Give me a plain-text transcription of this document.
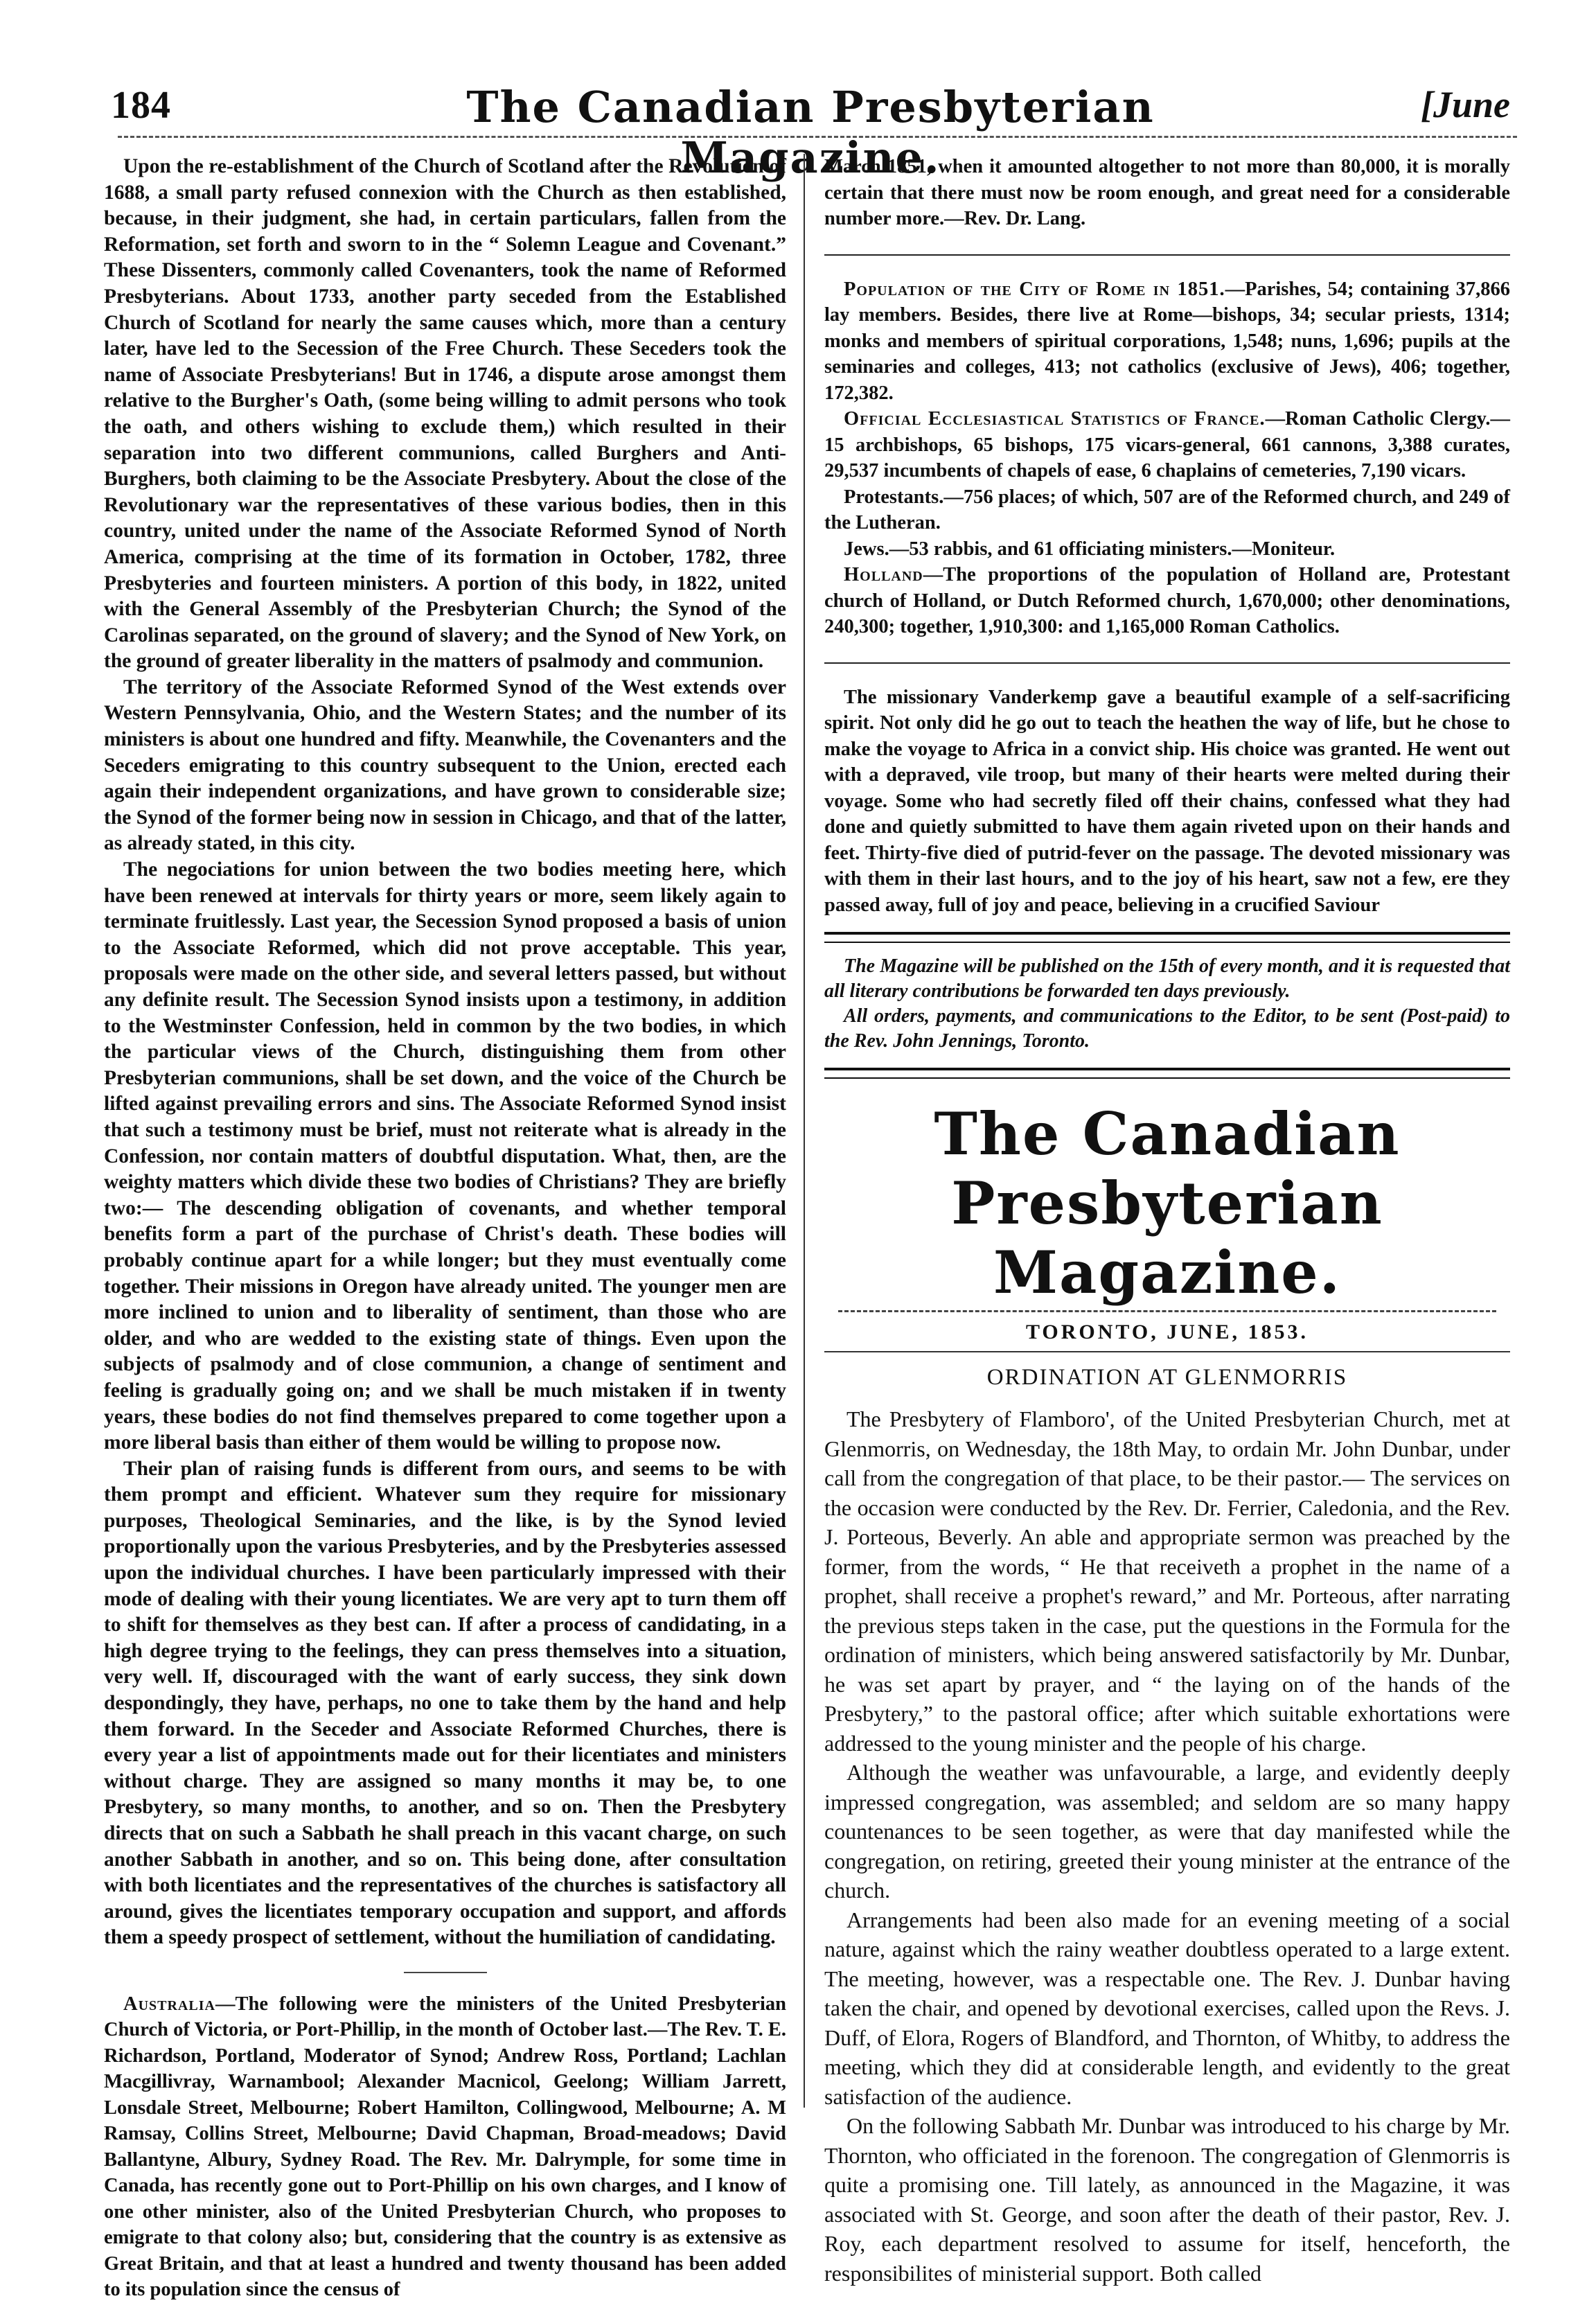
184	The Canadian Presbyterian Magazine.
[June

Upon the re-establishment of the Church of Scotland after the Revolution of 1688, a small party refused connexion with the Church as then established, because, in their judgment, she had, in certain particulars, fallen from the Reformation, set forth and sworn to in the “ Solemn League and Covenant.” These Dissenters, commonly called Covenanters, took the name of Reformed Presbyterians. About 1733, another party seceded from the Established Church of Scotland for nearly the same causes which, more than a century later, have led to the Secession of the Free Church. These Seceders took the name of Associate Presbyterians! But in 1746, a dispute arose amongst them relative to the Burgher's Oath, (some being willing to admit persons who took the oath, and others wishing to exclude them,) which resulted in their separation into two different communions, called Burghers and Anti-Burghers, both claiming to be the Associate Presbytery. About the close of the Revolutionary war the representatives of these various bodies, then in this country, united under the name of the Associate Reformed Synod of North America, comprising at the time of its formation in October, 1782, three Presbyteries and fourteen ministers. A portion of this body, in 1822, united with the General Assembly of the Presbyterian Church; the Synod of the Carolinas separated, on the ground of slavery; and the Synod of New York, on the ground of greater liberality in the matters of psalmody and communion.

The territory of the Associate Reformed Synod of the West extends over Western Pennsylvania, Ohio, and the Western States; and the number of its ministers is about one hundred and fifty. Meanwhile, the Covenanters and the Seceders emigrating to this country subsequent to the Union, erected each again their independent organizations, and have grown to considerable size; the Synod of the former being now in session in Chicago, and that of the latter, as already stated, in this city.

The negociations for union between the two bodies meeting here, which have been renewed at intervals for thirty years or more, seem likely again to terminate fruitlessly. Last year, the Secession Synod proposed a basis of union to the Associate Reformed, which did not prove acceptable. This year, proposals were made on the other side, and several letters passed, but without any definite result. The Secession Synod insists upon a testimony, in addition to the Westminster Confession, held in common by the two bodies, in which the particular views of the Church, distinguishing them from other Presbyterian communions, shall be set down, and the voice of the Church be lifted against prevailing errors and sins. The Associate Reformed Synod insist that such a testimony must be brief, must not reiterate what is already in the Confession, nor contain matters of doubtful disputation. What, then, are the weighty matters which divide these two bodies of Christians? They are briefly two:— The descending obligation of covenants, and whether temporal benefits form a part of the purchase of Christ's death. These bodies will probably continue apart for a while longer; but they must eventually come together. Their missions in Oregon have already united. The younger men are more inclined to union and to liberality of sentiment, than those who are older, and who are wedded to the existing state of things. Even upon the subjects of psalmody and of close communion, a change of sentiment and feeling is gradually going on; and we shall be much mistaken if in twenty years, these bodies do not find themselves prepared to come together upon a more liberal basis than either of them would be willing to propose now.

Their plan of raising funds is different from ours, and seems to be with them prompt and efficient. Whatever sum they require for missionary purposes, Theological Seminaries, and the like, is by the Synod levied proportionally upon the various Presbyteries, and by the Presbyteries assessed upon the individual churches. I have been particularly impressed with their mode of dealing with their young licentiates. We are very apt to turn them off to shift for themselves as they best can. If after a process of candidating, in a high degree trying to the feelings, they can press themselves into a situation, very well. If, discouraged with the want of early success, they sink down despondingly, they have, perhaps, no one to take them by the hand and help them forward. In the Seceder and Associate Reformed Churches, there is every year a list of appointments made out for their licentiates and ministers without charge. They are assigned so many months it may be, to one Presbytery, so many months, to another, and so on. Then the Presbytery directs that on such a Sabbath he shall preach in this vacant charge, on such another Sabbath in another, and so on. This being done, after consultation with both licentiates and the representatives of the churches is satisfactory all around, gives the licentiates temporary occupation and support, and affords them a speedy prospect of settlement, without the humiliation of candidating.

Australia—The following were the ministers of the United Presbyterian Church of Victoria, or Port-Phillip, in the month of October last.—The Rev. T. E. Richardson, Portland, Moderator of Synod; Andrew Ross, Portland; Lachlan Macgillivray, Warnambool; Alexander Macnicol, Geelong; William Jarrett, Lonsdale Street, Melbourne; Robert Hamilton, Collingwood, Melbourne; A. M Ramsay, Collins Street, Melbourne; David Chapman, Broad-meadows; David Ballantyne, Albury, Sydney Road. The Rev. Mr. Dalrymple, for some time in Canada, has recently gone out to Port-Phillip on his own charges, and I know of one other minister, also of the United Presbyterian Church, who proposes to emigrate to that colony also; but, considering that the country is as extensive as Great Britain, and that at least a hundred and twenty thousand has been added to its population since the census of

March 1851, when it amounted altogether to not more than 80,000, it is morally certain that there must now be room enough, and great need for a considerable number more.—Rev. Dr. Lang.

Population of the City of Rome in 1851.—Parishes, 54; containing 37,866 lay members. Besides, there live at Rome—bishops, 34; secular priests, 1314; monks and members of spiritual corporations, 1,548; nuns, 1,696; pupils at the seminaries and colleges, 413; not catholics (exclusive of Jews), 406; together, 172,382.

Official Ecclesiastical Statistics of France.—Roman Catholic Clergy.—15 archbishops, 65 bishops, 175 vicars-general, 661 cannons, 3,388 curates, 29,537 incumbents of chapels of ease, 6 chaplains of cemeteries, 7,190 vicars.

Protestants.—756 places; of which, 507 are of the Reformed church, and 249 of the Lutheran.

Jews.—53 rabbis, and 61 officiating ministers.—Moniteur.

Holland—The proportions of the population of Holland are, Protestant church of Holland, or Dutch Reformed church, 1,670,000; other denominations, 240,300; together, 1,910,300: and 1,165,000 Roman Catholics.

The missionary Vanderkemp gave a beautiful example of a self-sacrificing spirit. Not only did he go out to teach the heathen the way of life, but he chose to make the voyage to Africa in a convict ship. His choice was granted. He went out with a depraved, vile troop, but many of their hearts were melted during their voyage. Some who had secretly filed off their chains, confessed what they had done and quietly submitted to have them again riveted upon on their hands and feet. Thirty-five died of putrid-fever on the passage. The devoted missionary was with them in their last hours, and to the joy of his heart, saw not a few, ere they passed away, full of joy and peace, believing in a crucified Saviour

The Magazine will be published on the 15th of every month, and it is requested that all literary contributions be forwarded ten days previously.

All orders, payments, and communications to the Editor, to be sent (Post-paid) to the Rev. John Jennings, Toronto.

The Canadian Presbyterian Magazine.
TORONTO, JUNE, 1853.
ORDINATION AT GLENMORRIS

The Presbytery of Flamboro', of the United Presbyterian Church, met at Glenmorris, on Wednesday, the 18th May, to ordain Mr. John Dunbar, under call from the congregation of that place, to be their pastor.— The services on the occasion were conducted by the Rev. Dr. Ferrier, Caledonia, and the Rev. J. Porteous, Beverly. An able and appropriate sermon was preached by the former, from the words, “ He that receiveth a prophet in the name of a prophet, shall receive a prophet's reward,” and Mr. Porteous, after narrating the previous steps taken in the case, put the questions in the Formula for the ordination of ministers, which being answered satisfactorily by Mr. Dunbar, he was set apart by prayer, and “ the laying on of the hands of the Presbytery,” to the pastoral office; after which suitable exhortations were addressed to the young minister and the people of his charge.

Although the weather was unfavourable, a large, and evidently deeply impressed congregation, was assembled; and seldom are so many happy countenances to be seen together, as were that day manifested while the congregation, on retiring, greeted their young minister at the entrance of the church.

Arrangements had been also made for an evening meeting of a social nature, against which the rainy weather doubtless operated to a large extent. The meeting, however, was a respectable one. The Rev. J. Dunbar having taken the chair, and opened by devotional exercises, called upon the Revs. J. Duff, of Elora, Rogers of Blandford, and Thornton, of Whitby, to address the meeting, which they did at considerable length, and evidently to the great satisfaction of the audience.

On the following Sabbath Mr. Dunbar was introduced to his charge by Mr. Thornton, who officiated in the forenoon. The congregation of Glenmorris is quite a promising one. Till lately, as announced in the Magazine, it was associated with St. George, and soon after the death of their pastor, Rev. J. Roy, each department resolved to assume for itself, henceforth, the responsibilites of ministerial support. Both called
